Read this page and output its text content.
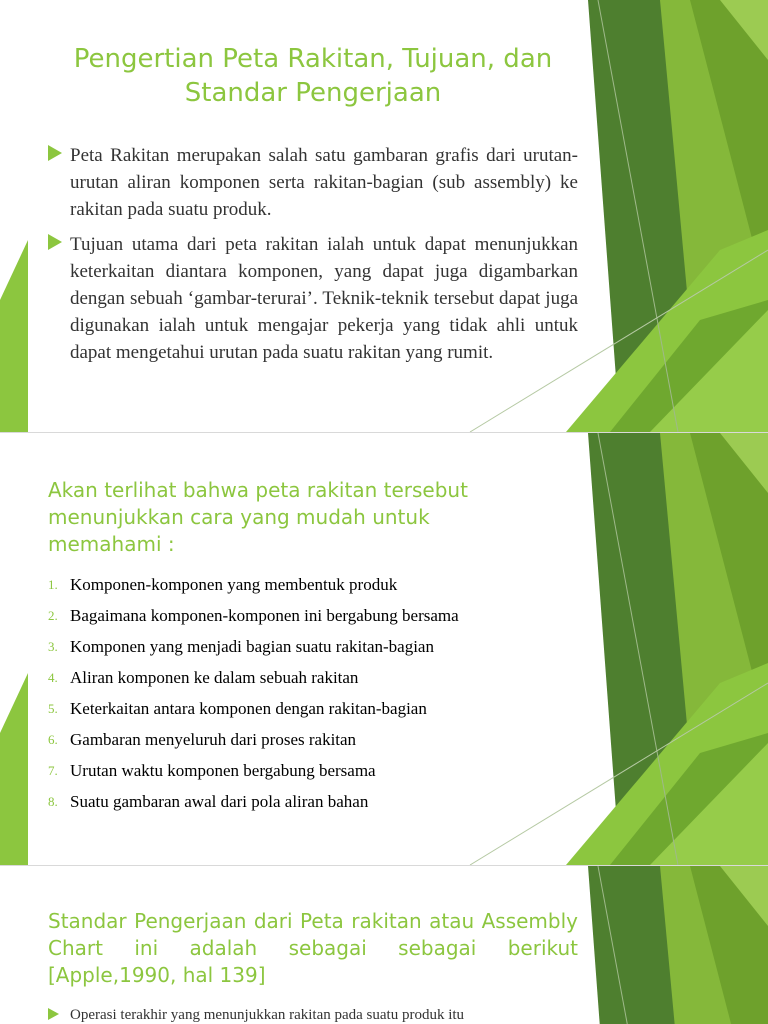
Pengertian Peta Rakitan, Tujuan, dan Standar Pengerjaan
Peta Rakitan merupakan salah satu gambaran grafis dari urutan-urutan aliran komponen serta rakitan-bagian (sub assembly) ke rakitan pada suatu produk.
Tujuan utama dari peta rakitan ialah untuk dapat menunjukkan keterkaitan diantara komponen, yang dapat juga digambarkan dengan sebuah ‘gambar-terurai’. Teknik-teknik tersebut dapat juga digunakan ialah untuk mengajar pekerja yang tidak ahli untuk dapat mengetahui urutan pada suatu rakitan yang rumit.
Akan terlihat bahwa peta rakitan tersebut menunjukkan cara yang mudah untuk memahami :
1. Komponen-komponen yang membentuk produk
2. Bagaimana komponen-komponen ini bergabung bersama
3. Komponen yang menjadi bagian suatu rakitan-bagian
4. Aliran komponen ke dalam sebuah rakitan
5. Keterkaitan antara komponen dengan rakitan-bagian
6. Gambaran menyeluruh dari proses rakitan
7. Urutan waktu komponen bergabung bersama
8. Suatu gambaran awal dari pola aliran bahan
Standar Pengerjaan dari Peta rakitan atau Assembly Chart ini adalah sebagai sebagai berikut [Apple,1990, hal 139]
Operasi terakhir yang menunjukkan rakitan pada suatu produk itu
